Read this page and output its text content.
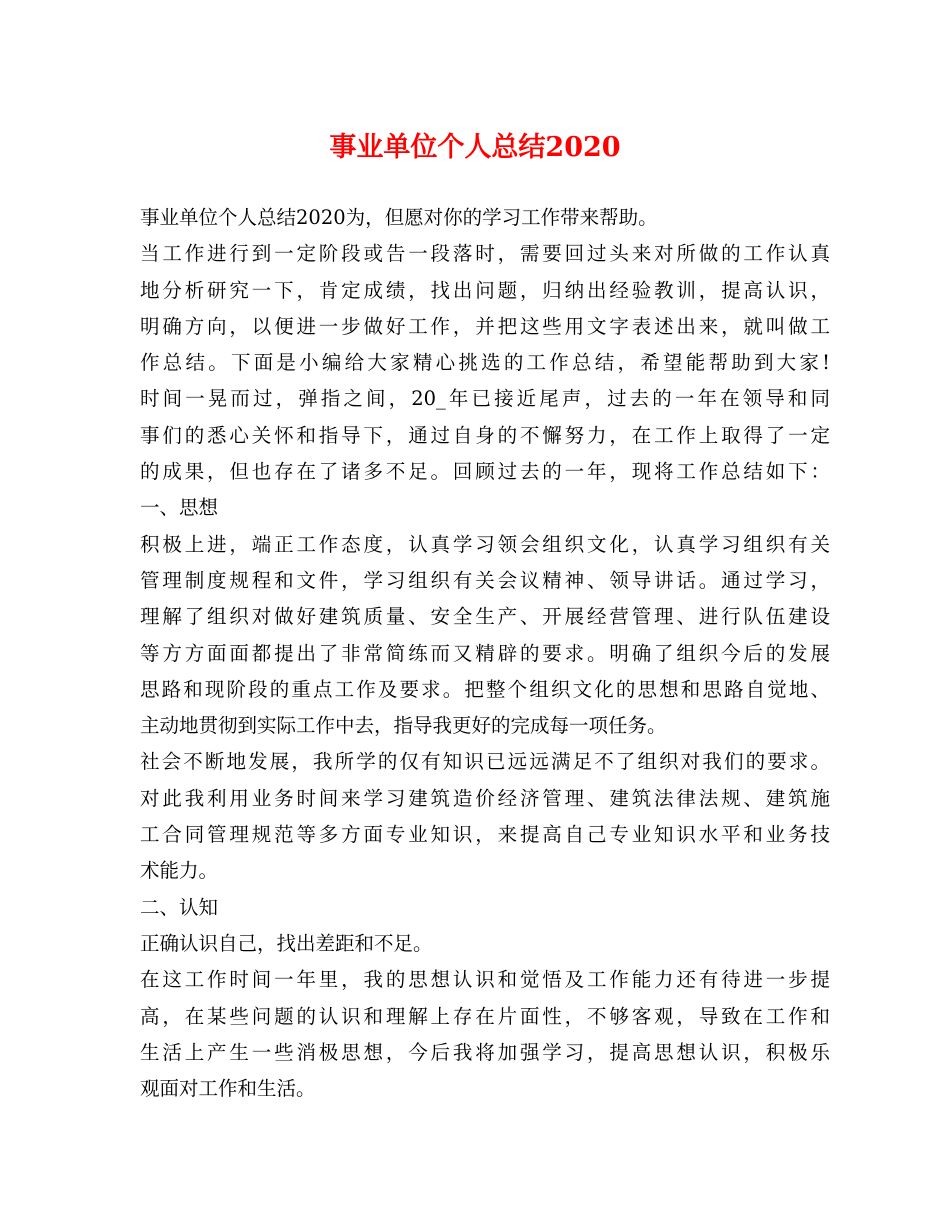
事业单位个人总结2020
事业单位个人总结2020为，但愿对你的学习工作带来帮助。
当工作进行到一定阶段或告一段落时，需要回过头来对所做的工作认真
地分析研究一下，肯定成绩，找出问题，归纳出经验教训，提高认识，
明确方向，以便进一步做好工作，并把这些用文字表述出来，就叫做工
作总结。下面是小编给大家精心挑选的工作总结，希望能帮助到大家!
时间一晃而过，弹指之间，20_年已接近尾声，过去的一年在领导和同
事们的悉心关怀和指导下，通过自身的不懈努力，在工作上取得了一定
的成果，但也存在了诸多不足。回顾过去的一年，现将工作总结如下：
一、思想
积极上进，端正工作态度，认真学习领会组织文化，认真学习组织有关
管理制度规程和文件，学习组织有关会议精神、领导讲话。通过学习，
理解了组织对做好建筑质量、安全生产、开展经营管理、进行队伍建设
等方方面面都提出了非常简练而又精辟的要求。明确了组织今后的发展
思路和现阶段的重点工作及要求。把整个组织文化的思想和思路自觉地、
主动地贯彻到实际工作中去，指导我更好的完成每一项任务。
社会不断地发展，我所学的仅有知识已远远满足不了组织对我们的要求。
对此我利用业务时间来学习建筑造价经济管理、建筑法律法规、建筑施
工合同管理规范等多方面专业知识，来提高自己专业知识水平和业务技
术能力。
二、认知
正确认识自己，找出差距和不足。
在这工作时间一年里，我的思想认识和觉悟及工作能力还有待进一步提
高，在某些问题的认识和理解上存在片面性，不够客观，导致在工作和
生活上产生一些消极思想，今后我将加强学习，提高思想认识，积极乐
观面对工作和生活。
